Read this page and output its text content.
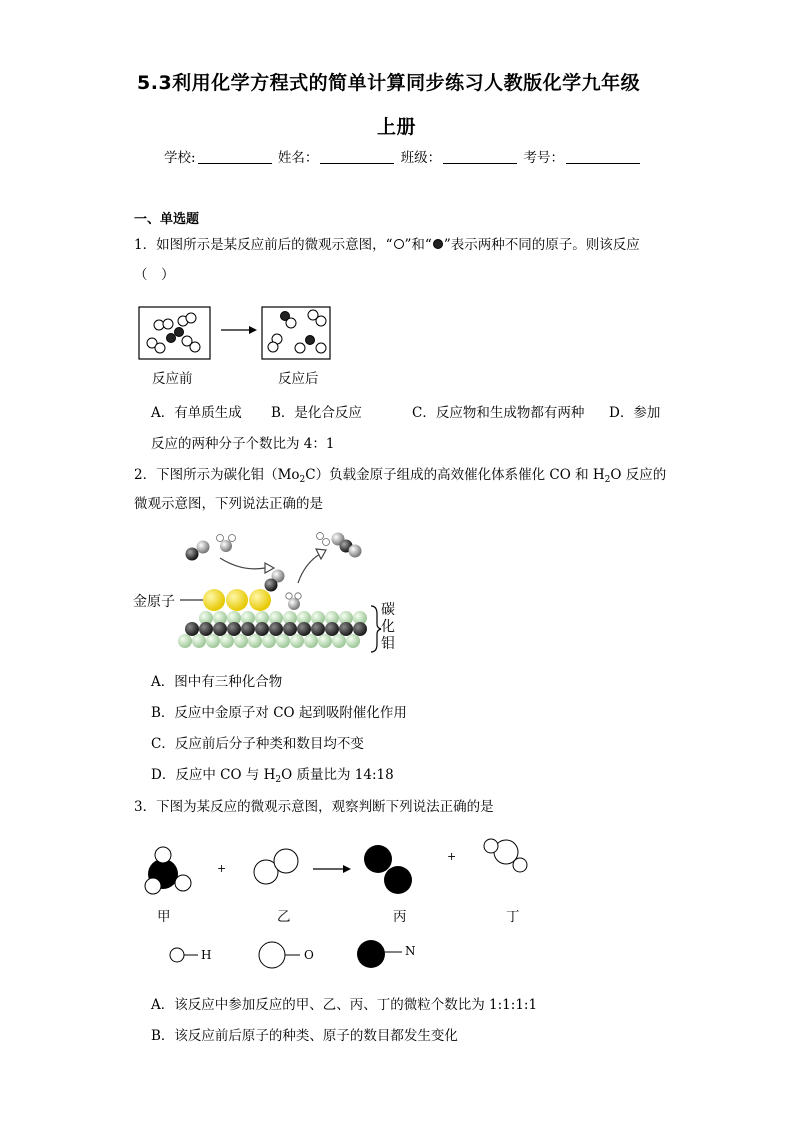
5.3利用化学方程式的简单计算同步练习人教版化学九年级
上册
学校:	姓名：	班级：	考号：
一、单选题
1．如图所示是某反应前后的微观示意图，“ ”和“ ”表示两种不同的原子。则该反应
（　）
反应前	反应后
A．有单质生成 B．是化合反应	C．反应物和生成物都有两种 D．参加
反应的两种分子个数比为 4：1
2．下图所示为碳化钼$(Mo_2C)$负载金原子组成的高效催化体系催化 CO 和 $H_2O$ 反应的
微观示意图，下列说法正确的是
金原子	碳
化
钼
A．图中有三种化合物
B．反应中金原子对 CO 起到吸附催化作用
C．反应前后分子种类和数目均不变
D．反应中 CO 与 $H_2O$ 质量比为 14:18
3．下图为某反应的微观示意图，观察判断下列说法正确的是
+
+
甲	乙	丙	丁
H	O	N
A．该反应中参加反应的甲、乙、丙、丁的微粒个数比为 1:1:1:1
B．该反应前后原子的种类、原子的数目都发生变化
